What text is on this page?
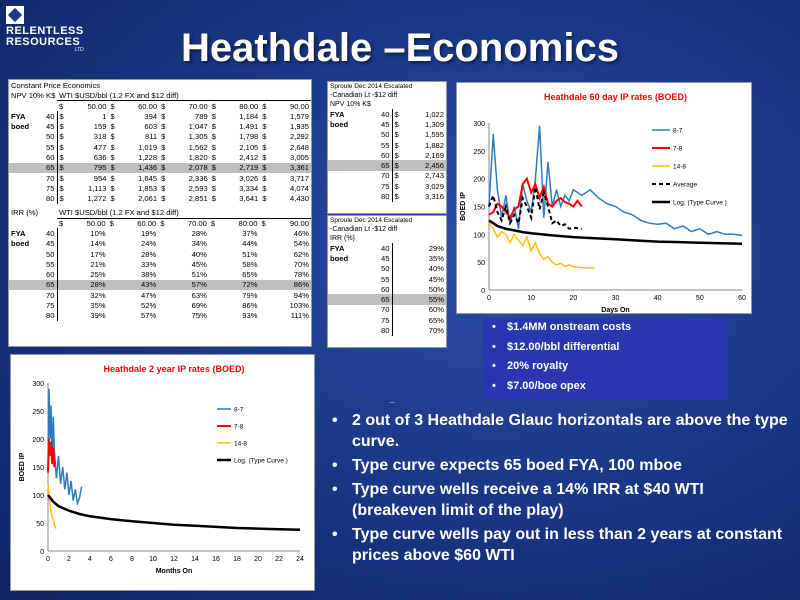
RELENTLESS
RESOURCES
LTD	Heathdale –Economics
Constant Price Economics
NPV 10% K$		WTI $USD/bbl (1.2 FX and $12 diff)									
		$	50.00	$	60.00	$	70.00	$	80.00	$	90.00
FYA	40	$	1	$	394	$	789	$	1,184	$	1,579
boed	45	$	159	$	603	$	1,047	$	1,491	$	1,935
	50	$	318	$	811	$	1,305	$	1,798	$	2,292
	55	$	477	$	1,019	$	1,562	$	2,105	$	2,648
	60	$	636	$	1,228	$	1,820	$	2,412	$	3,005
	65	$	795	$	1,436	$	2,078	$	2,719	$	3,361
	70	$	954	$	1,645	$	2,336	$	3,026	$	3,717
	75	$	1,113	$	1,853	$	2,593	$	3,334	$	4,074
	80	$	1,272	$	2,061	$	2,851	$	3,641	$	4,430
IRR (%)		WTI $USD/bbl (1.2 FX and $12 diff)									
		$	50.00	$	60.00	$	70.00	$	80.00	$	90.00
FYA	40		10%		19%		28%		37%		46%
boed	45		14%		24%		34%		44%		54%
	50		17%		28%		40%		51%		62%
	55		21%		33%		45%		58%		70%
	60		25%		38%		51%		65%		78%
	65		28%		43%		57%		72%		86%
	70		32%		47%		63%		79%		94%
	75		35%		52%		69%		86%		103%
	80		39%		57%		75%		93%		111%
Sproule Dec 2014 Escalated
-Canadian Lt -$12 diff
NPV 10% K$
FYA	40	$	1,022
boed	45	$	1,309
	50	$	1,595
	55	$	1,882
	60	$	2,169
	65	$	2,456
	70	$	2,743
	75	$	3,029
	80	$	3,316
Sproule Dec 2014 Escalated
-Canadian Lt -$12 diff
IRR (%)
FYA	40		29%
boed	45		35%
	50		40%
	55		45%
	60		50%
	65		55%
	70		60%
	75		65%
	80		70%
Heathdale 60 day IP rates (BOED)
0
50
100
150
200
250
300
0	10	20	30	40	50	60
Days On
BOED IP
8-7
7-8
14-8
Average
Log. (Type Curve )
• $1.4MM onstream costs
• $12.00/bbl differential
• 20% royalty
• $7.00/boe opex
Heathdale 2 year IP rates (BOED)
0
50
100
150
200
250
300
0 2 4 6 8 10 12 14 16 18 20 22 24
Months On
BOED IP
8-7
7-8
14-8
Log. (Type Curve )
• 2 out of 3 Heathdale Glauc horizontals are above the type curve.
• Type curve expects 65 boed FYA, 100 mboe
• Type curve wells receive a 14% IRR at $40 WTI (breakeven limit of the play)
• Type curve wells pay out in less than 2 years at constant prices above $60 WTI
